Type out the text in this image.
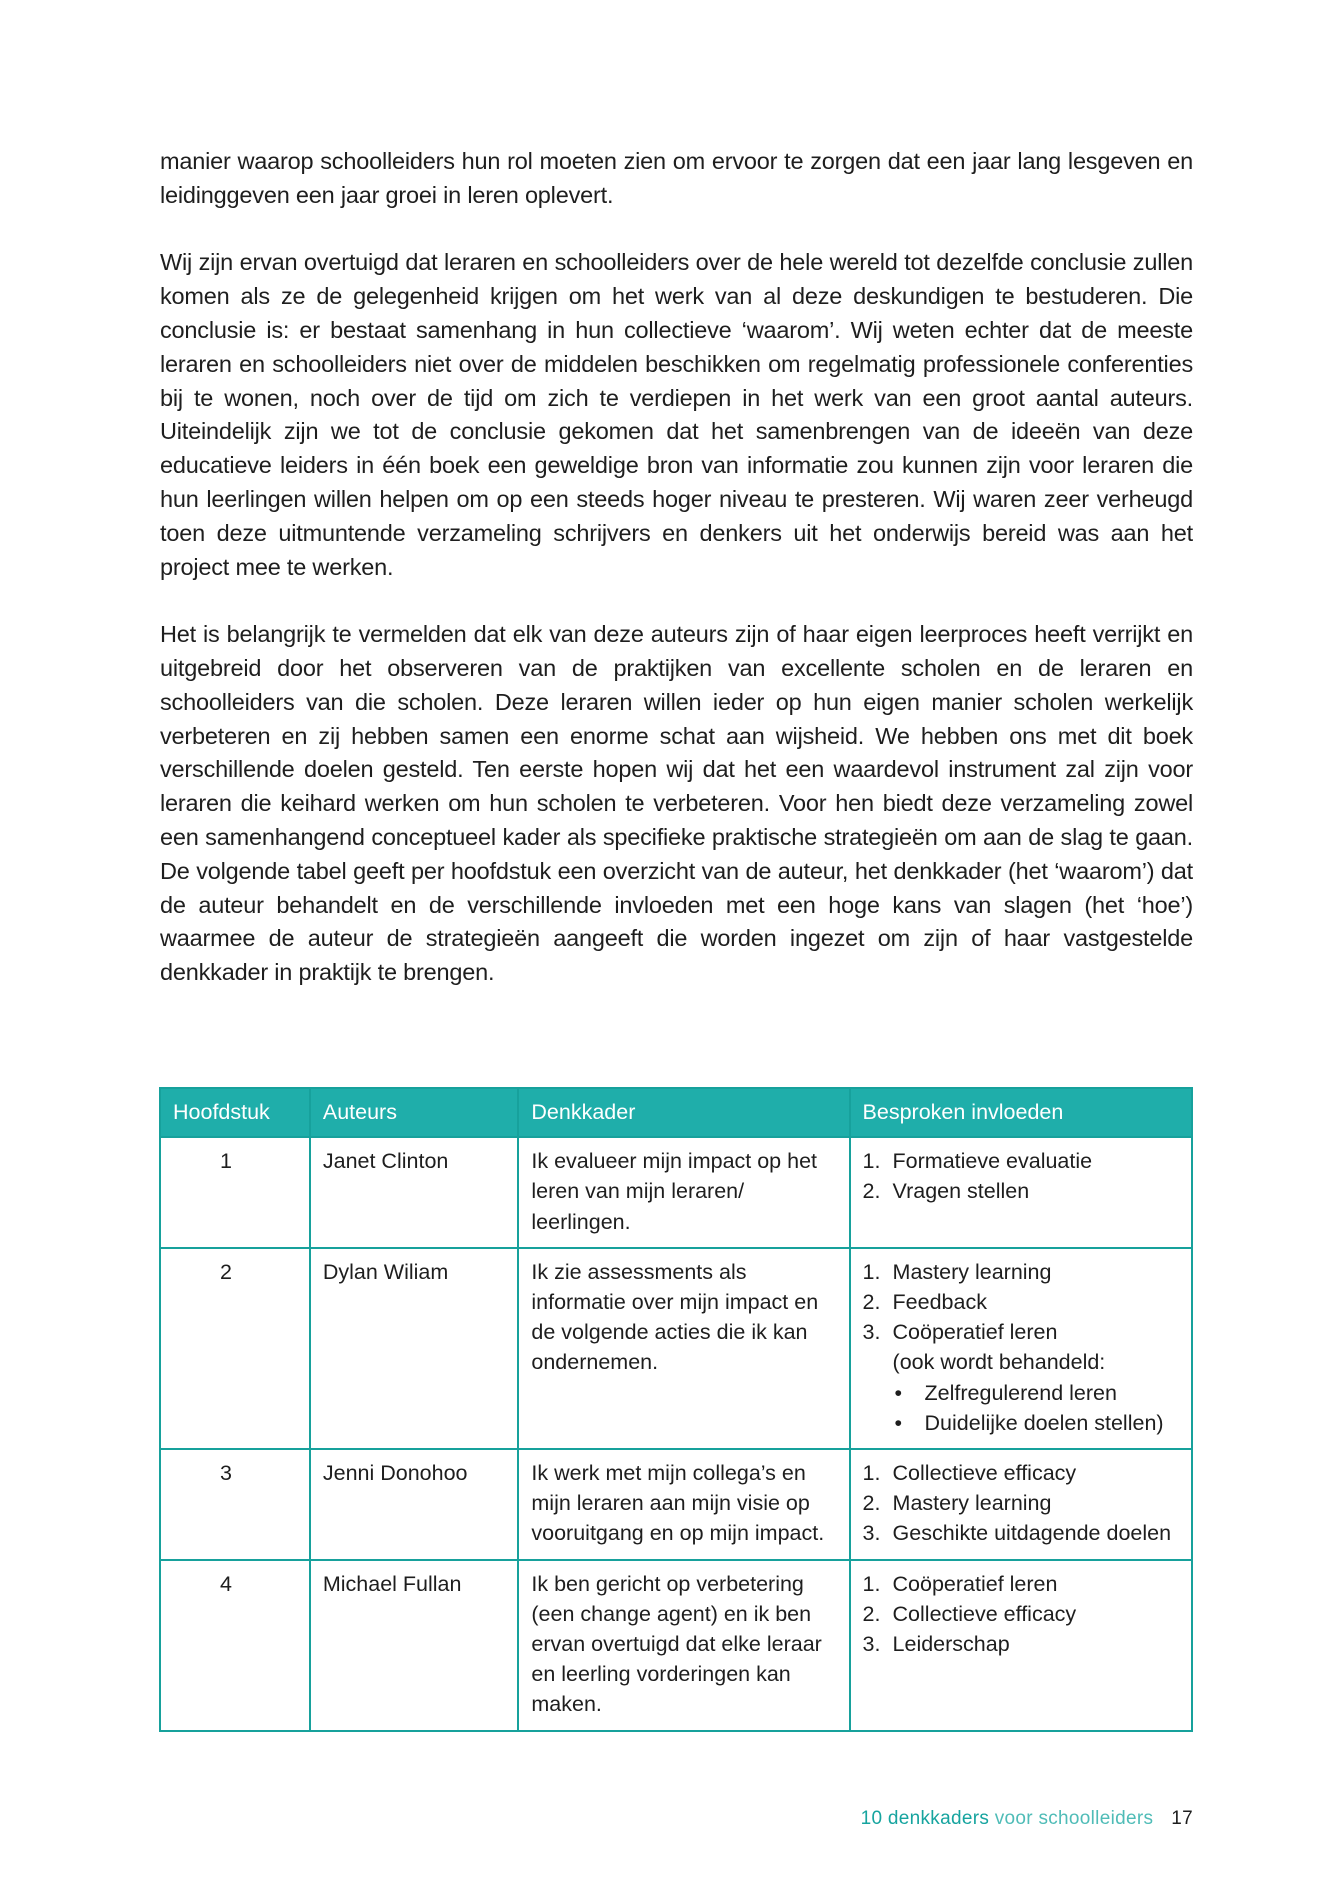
manier waarop schoolleiders hun rol moeten zien om ervoor te zorgen dat een jaar lang lesgeven en leidinggeven een jaar groei in leren oplevert.

Wij zijn ervan overtuigd dat leraren en schoolleiders over de hele wereld tot dezelfde conclusie zullen komen als ze de gelegenheid krijgen om het werk van al deze deskundigen te bestuderen. Die conclusie is: er bestaat samenhang in hun collectieve ‘waarom’. Wij weten echter dat de meeste leraren en schoolleiders niet over de middelen beschikken om regelmatig professionele conferenties bij te wonen, noch over de tijd om zich te verdiepen in het werk van een groot aantal auteurs. Uiteindelijk zijn we tot de conclusie gekomen dat het samenbrengen van de ideeën van deze educatieve leiders in één boek een geweldige bron van informatie zou kunnen zijn voor leraren die hun leerlingen willen helpen om op een steeds hoger niveau te presteren. Wij waren zeer verheugd toen deze uitmuntende verzameling schrijvers en denkers uit het onderwijs bereid was aan het project mee te werken.

Het is belangrijk te vermelden dat elk van deze auteurs zijn of haar eigen leerproces heeft verrijkt en uitgebreid door het observeren van de praktijken van excellente scholen en de leraren en schoolleiders van die scholen. Deze leraren willen ieder op hun eigen manier scholen werkelijk verbeteren en zij hebben samen een enorme schat aan wijsheid. We hebben ons met dit boek verschillende doelen gesteld. Ten eerste hopen wij dat het een waardevol instrument zal zijn voor leraren die keihard werken om hun scholen te verbeteren. Voor hen biedt deze verzameling zowel een samenhangend conceptueel kader als specifieke praktische strategieën om aan de slag te gaan. De volgende tabel geeft per hoofdstuk een overzicht van de auteur, het denkkader (het ‘waarom’) dat de auteur behandelt en de verschillende invloeden met een hoge kans van slagen (het ‘hoe’) waarmee de auteur de strategieën aangeeft die worden ingezet om zijn of haar vastgestelde denkkader in praktijk te brengen.

Hoofdstuk	Auteurs	Denkkader	Besproken invloeden
1	Janet Clinton	Ik evalueer mijn impact op het leren van mijn leraren/ leerlingen.	
1. Formatieve evaluatie
2. Vragen stellen

2	Dylan Wiliam	Ik zie assessments als informatie over mijn impact en de volgende acties die ik kan ondernemen.	
1. Mastery learning
2. Feedback
3. Coöperatief leren
(ook wordt behandeld:
• Zelfregulerend leren
• Duidelijke doelen stellen)

3	Jenni Donohoo	Ik werk met mijn collega’s en mijn leraren aan mijn visie op vooruitgang en op mijn impact.	
1. Collectieve efficacy
2. Mastery learning
3. Geschikte uitdagende doelen

4	Michael Fullan	Ik ben gericht op verbetering (een change agent) en ik ben ervan overtuigd dat elke leraar en leerling vorderingen kan maken.	
1. Coöperatief leren
2. Collectieve efficacy
3. Leiderschap
10 denkkaders voor schoolleiders 17
